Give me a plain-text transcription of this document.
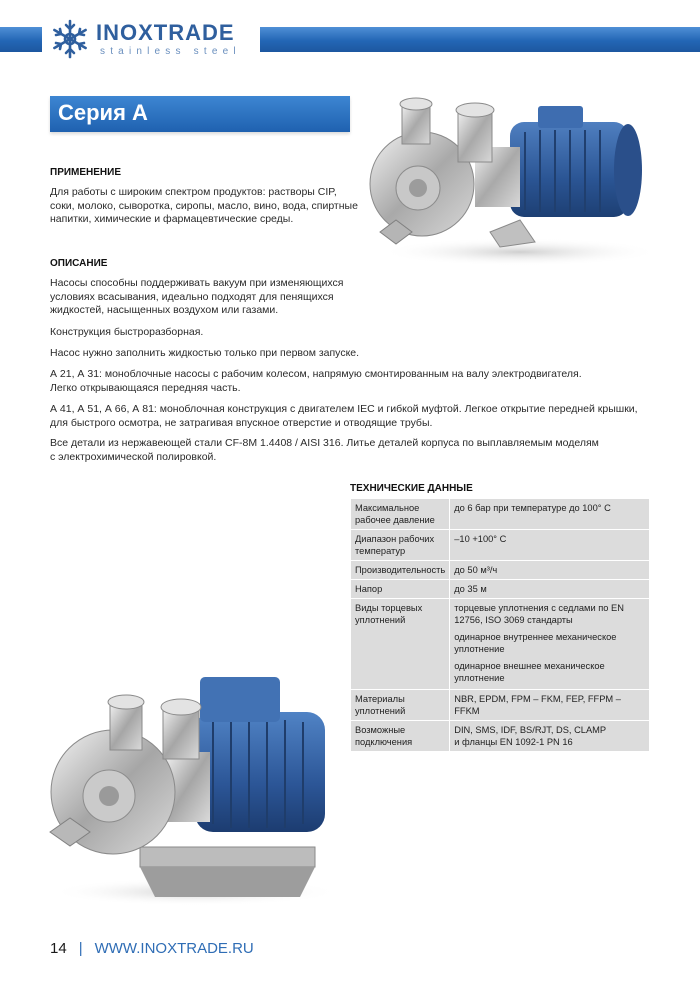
INOXTRADE
stainless steel
Серия А
ПРИМЕНЕНИЕ

Для работы с широким спектром продуктов: растворы CIP,
соки, молоко, сыворотка, сиропы, масло, вино, вода, спиртные
напитки, химические и фармацевтические среды.

ОПИСАНИЕ

Насосы способны поддерживать вакуум при изменяющихся
условиях всасывания, идеально подходят для пенящихся
жидкостей, насыщенных воздухом или газами.

Конструкция быстроразборная.

Насос нужно заполнить жидкостью только при первом запуске.

А 21, А 31: моноблочные насосы с рабочим колесом, напрямую смонтированным на валу электродвигателя.
Легко открывающаяся передняя часть.

А 41, А 51, А 66, А 81: моноблочная конструкция с двигателем IEC и гибкой муфтой. Легкое открытие передней крышки,
для быстрого осмотра, не затрагивая впускное отверстие и отводящие трубы.

Все детали из нержавеющей стали CF-8M 1.4408 / AISI 316. Литье деталей корпуса по выплавляемым моделям
с электрохимической полировкой.

ТЕХНИЧЕСКИЕ ДАННЫЕ
Максимальное
рабочее давление	до 6 бар при температуре до 100° С
Диапазон рабочих
температур	–10 +100° С
Производительность	до 50 м³/ч
Напор	до 35 м
Виды торцевых
уплотнений	торцевые уплотнения с седлами по EN 12756, ISO 3069 стандарты
одинарное внутреннее механическое уплотнение
одинарное внешнее механическое уплотнение

Материалы
уплотнений	NBR, EPDM, FPM – FKM, FEP, FFPM – FFKM
Возможные
подключения	DIN, SMS, IDF, BS/RJT, DS, CLAMP
и фланцы EN 1092-1 PN 16
14 | WWW.INOXTRADE.RU
